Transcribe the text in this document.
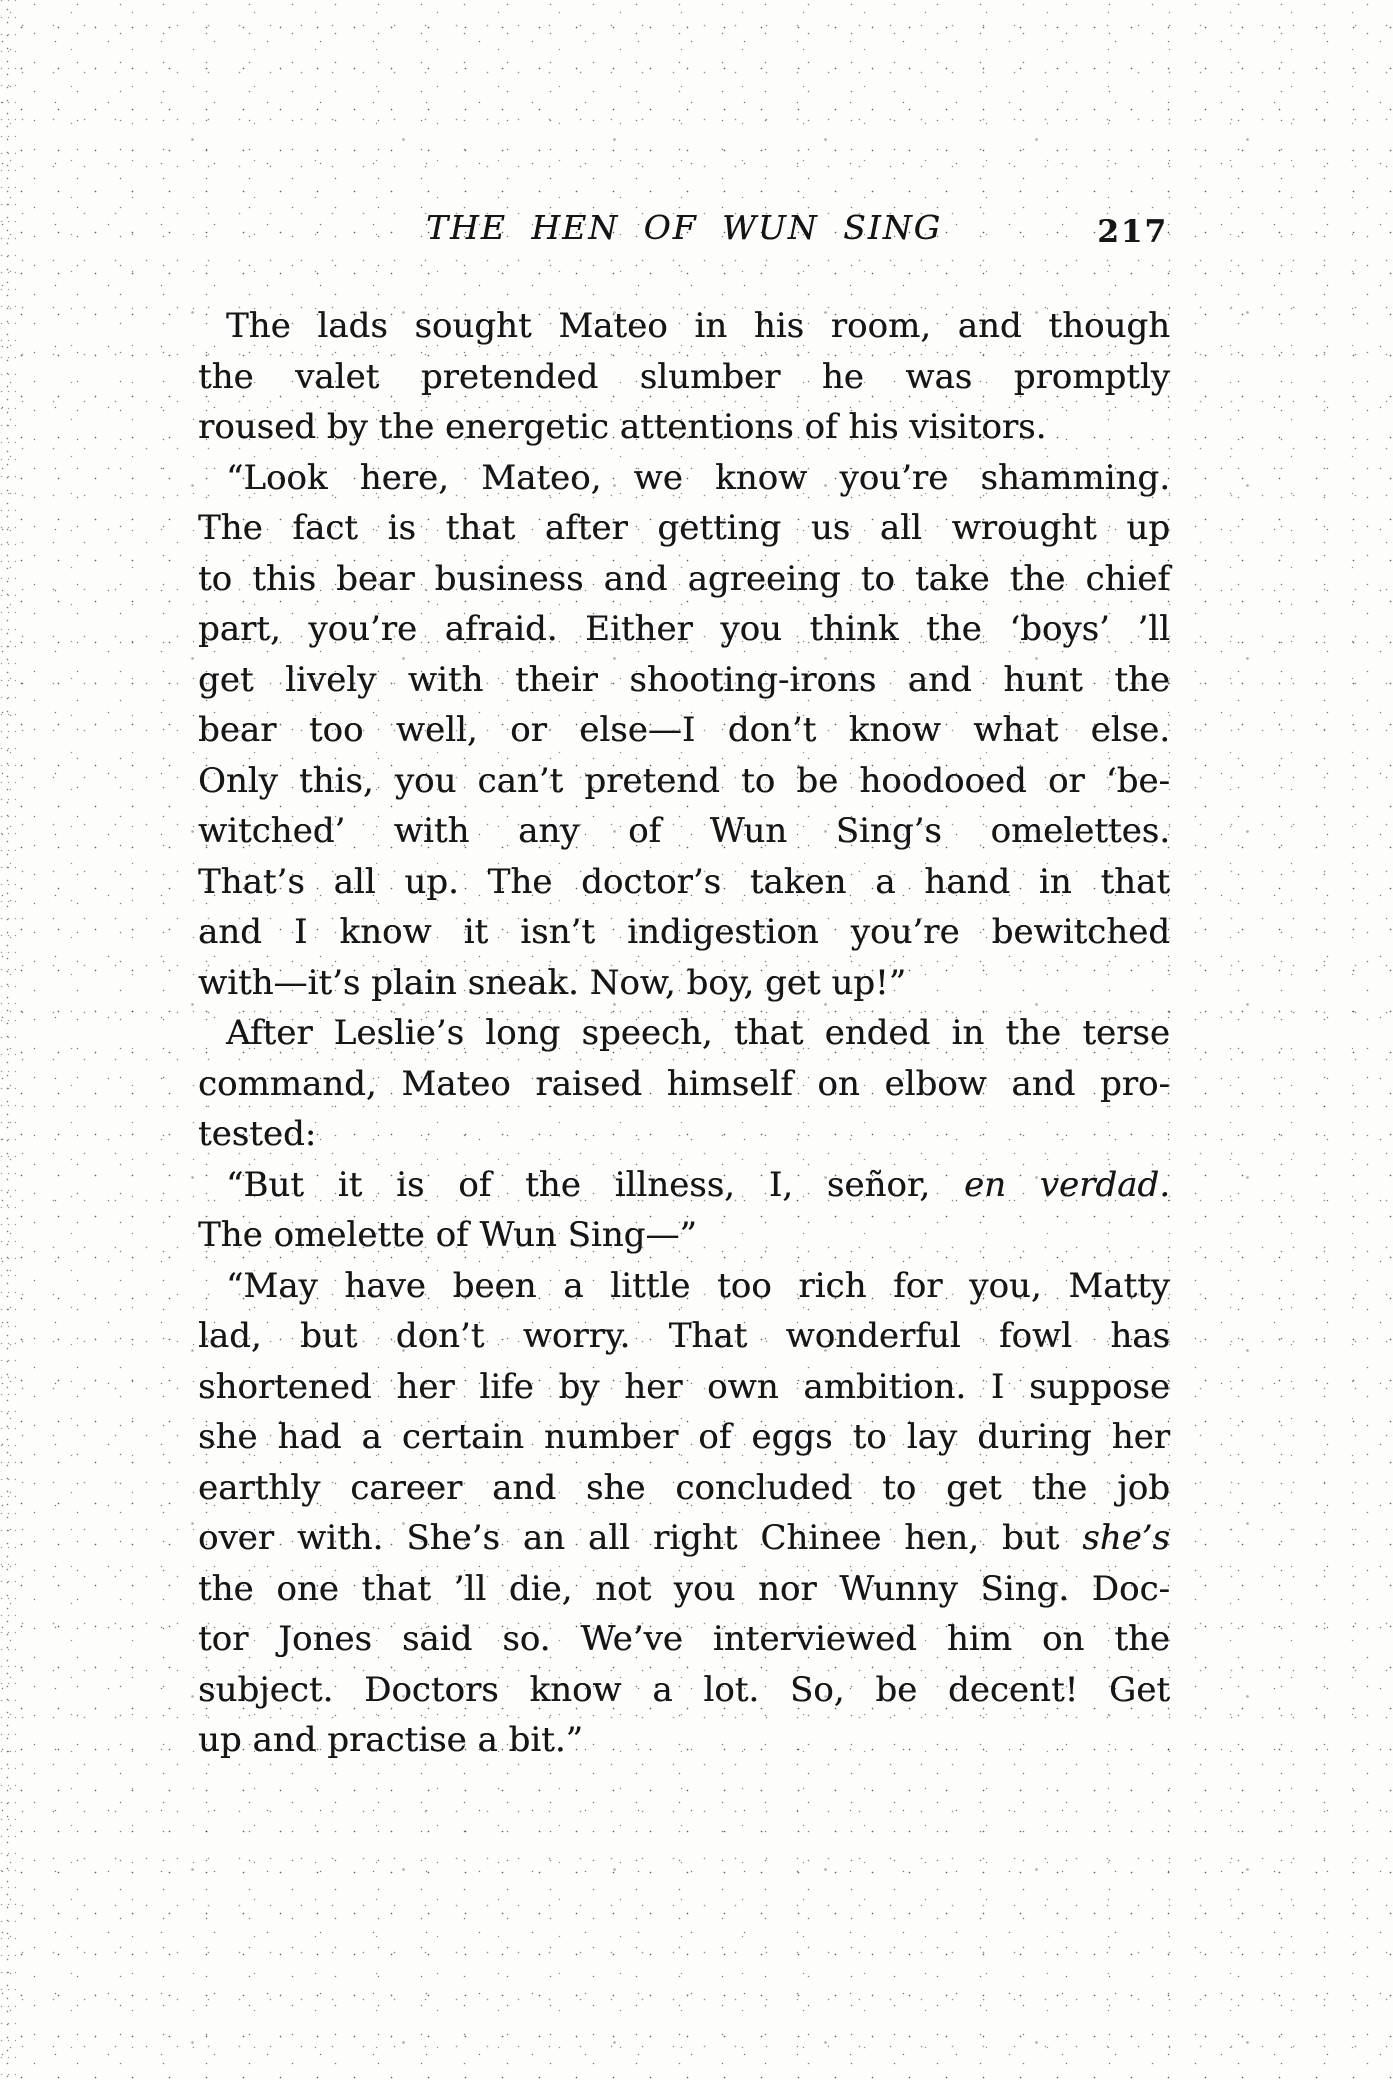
THE HEN OF WUN SING	217
The lads sought Mateo in his room, and though
the valet pretended slumber he was promptly
roused by the energetic attentions of his visitors.
“Look here, Mateo, we know you’re shamming.
The fact is that after getting us all wrought up
to this bear business and agreeing to take the chief
part, you’re afraid. Either you think the ‘boys’ ’ll
get lively with their shooting-irons and hunt the
bear too well, or else—I don’t know what else.
Only this, you can’t pretend to be hoodooed or ‘be-
witched’ with any of Wun Sing’s omelettes.
That’s all up. The doctor’s taken a hand in that
and I know it isn’t indigestion you’re bewitched
with—it’s plain sneak. Now, boy, get up!”
After Leslie’s long speech, that ended in the terse
command, Mateo raised himself on elbow and pro-
tested:
“But it is of the illness, I, señor, en verdad.
The omelette of Wun Sing—”
“May have been a little too rich for you, Matty
lad, but don’t worry. That wonderful fowl has
shortened her life by her own ambition. I suppose
she had a certain number of eggs to lay during her
earthly career and she concluded to get the job
over with. She’s an all right Chinee hen, but she’s
the one that ’ll die, not you nor Wunny Sing. Doc-
tor Jones said so. We’ve interviewed him on the
subject. Doctors know a lot. So, be decent! Get
up and practise a bit.”
